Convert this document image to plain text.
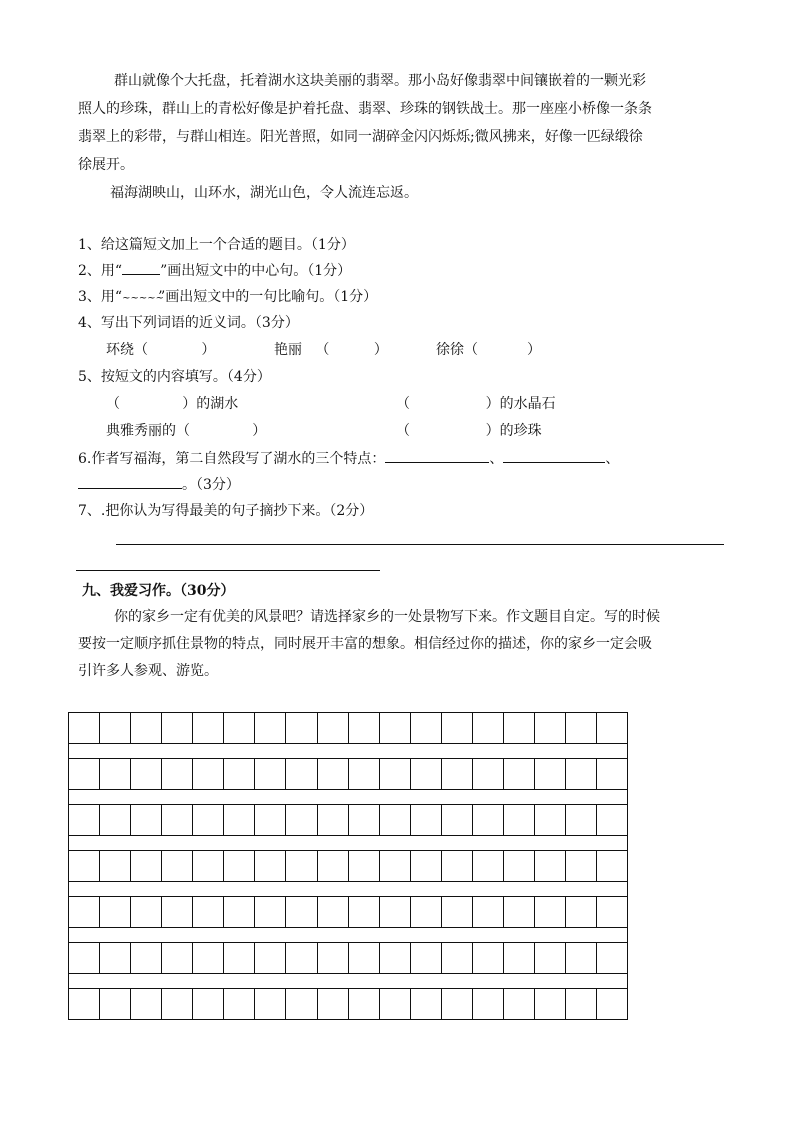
群山就像个大托盘，托着湖水这块美丽的翡翠。那小岛好像翡翠中间镶嵌着的一颗光彩
照人的珍珠，群山上的青松好像是护着托盘、翡翠、珍珠的钢铁战士。那一座座小桥像一条条
翡翠上的彩带，与群山相连。阳光普照，如同一湖碎金闪闪烁烁;微风拂来，好像一匹绿缎徐
徐展开。
福海湖映山，山环水，湖光山色，令人流连忘返。
1、给这篇短文加上一个合适的题目。（1分）
2、用“	”画出短文中的中心句。（1分）
3、用“~~~~~”画出短文中的一句比喻句。（1分）
4、写出下列词语的近义词。（3分）
环绕（            ）	艳丽   （          ）	徐徐（           ）
5、按短文的内容填写。（4分）
（              ）的湖水	（                 ）的水晶石
典雅秀丽的（              ）	（                 ）的珍珠
6.作者写福海，第二自然段写了湖水的三个特点：	、	、
。（3分）
7、.把你认为写得最美的句子摘抄下来。（2分）
九、我爱习作。（30分）
你的家乡一定有优美的风景吧？请选择家乡的一处景物写下来。作文题目自定。写的时候
要按一定顺序抓住景物的特点，同时展开丰富的想象。相信经过你的描述，你的家乡一定会吸
引许多人参观、游览。
